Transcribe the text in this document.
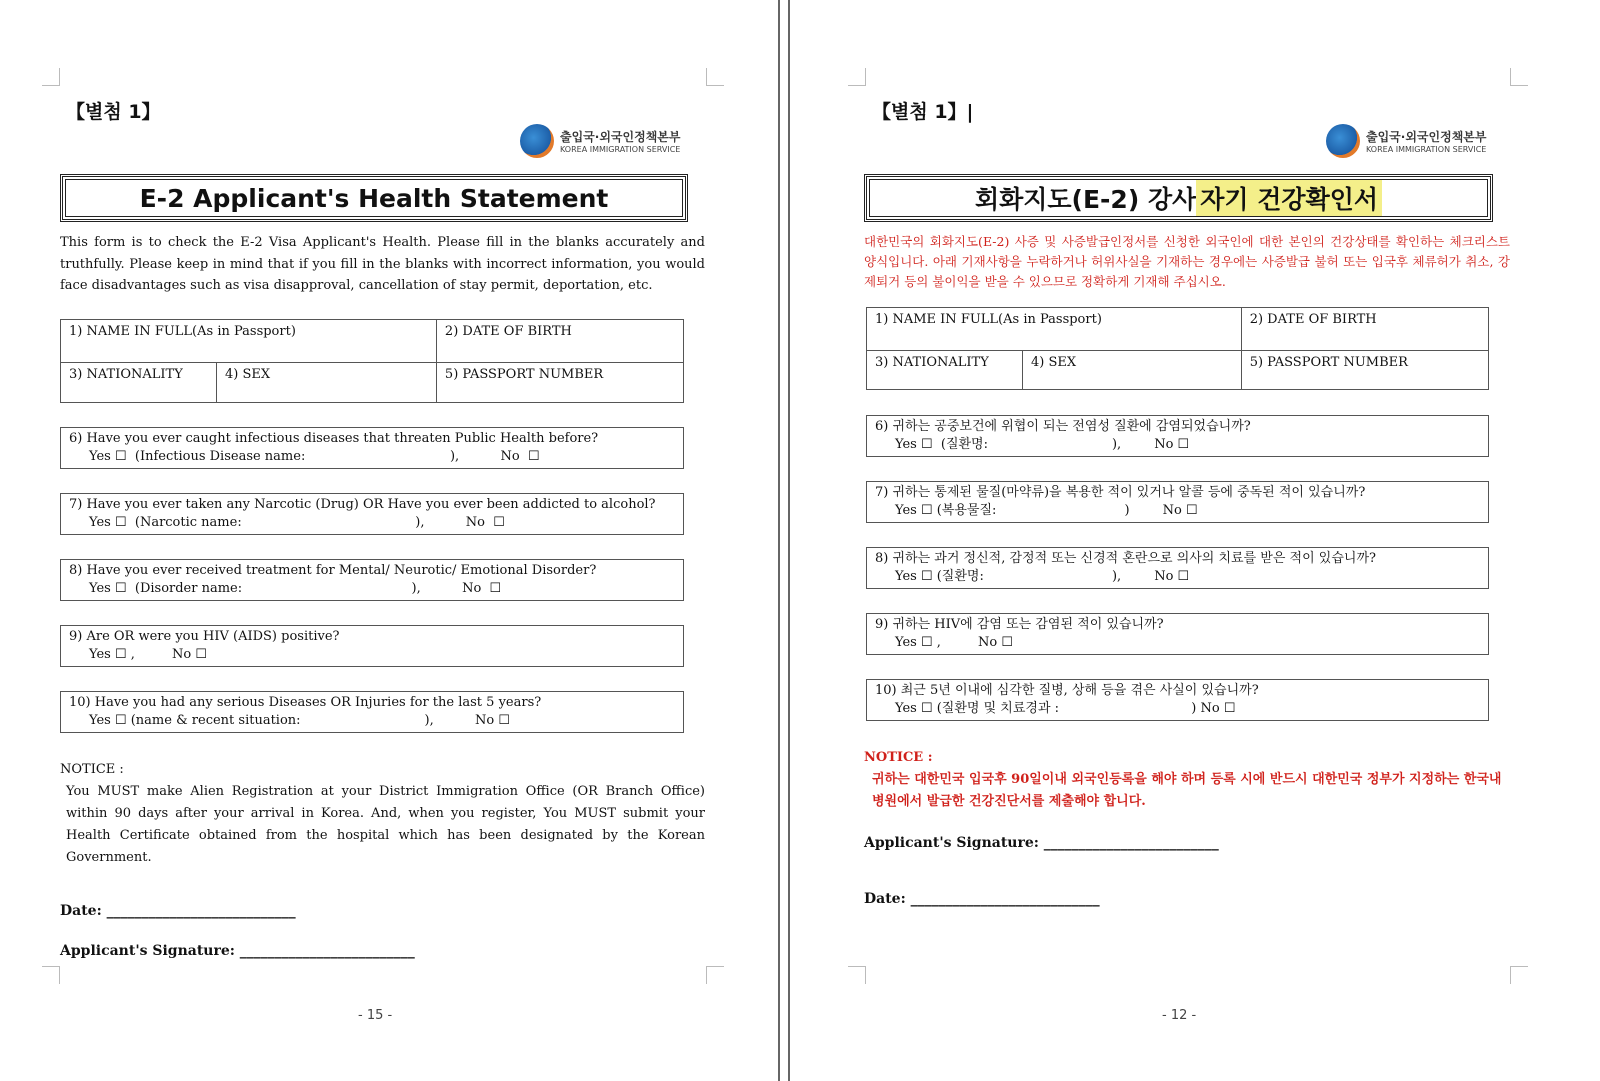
【별첨 1】
출입국·외국인정책본부
KOREA IMMIGRATION SERVICE
E-2 Applicant's Health Statement
This form is to check the E-2 Visa Applicant's Health. Please fill in the blanks accurately and truthfully. Please keep in mind that if you fill in the blanks with incorrect information, you would face disadvantages such as visa disapproval, cancellation of stay permit, deportation, etc.
1) NAME IN FULL(As in Passport)		2) DATE OF BIRTH
3) NATIONALITY	4) SEX	5) PASSPORT NUMBER
6) Have you ever caught infectious diseases that threaten Public Health before?
Yes ☐  (Infectious Disease name:                                   ),          No  ☐
7) Have you ever taken any Narcotic (Drug) OR Have you ever been addicted to alcohol?
Yes ☐  (Narcotic name:                                          ),          No  ☐
8) Have you ever received treatment for Mental/ Neurotic/ Emotional Disorder?
Yes ☐  (Disorder name:                                         ),          No  ☐
9) Are OR were you HIV (AIDS) positive?
Yes ☐ ,         No ☐
10) Have you had any serious Diseases OR Injuries for the last 5 years?
Yes ☐ (name & recent situation:                              ),          No ☐
NOTICE :
You MUST make Alien Registration at your District Immigration Office (OR Branch Office) within 90 days after your arrival in Korea. And, when you register, You MUST submit your Health Certificate obtained from the hospital which has been designated by the Korean Government.
Date: ___________________________
Applicant's Signature: _________________________
- 15 -
【별첨 1】|
출입국·외국인정책본부
KOREA IMMIGRATION SERVICE
회화지도(E-2) 강사 자기 건강확인서
대한민국의 회화지도(E-2) 사증 및 사증발급인정서를 신청한 외국인에 대한 본인의 건강상태를 확인하는 체크리스트 양식입니다. 아래 기재사항을 누락하거나 허위사실을 기재하는 경우에는 사증발급 불허 또는 입국후 체류허가 취소, 강제퇴거 등의 불이익을 받을 수 있으므로 정확하게 기재해 주십시오.
1) NAME IN FULL(As in Passport)		2) DATE OF BIRTH
3) NATIONALITY	4) SEX	5) PASSPORT NUMBER
6) 귀하는 공중보건에 위협이 되는 전염성 질환에 감염되었습니까?
Yes ☐  (질환명:                              ),        No ☐
7) 귀하는 통제된 물질(마약류)을 복용한 적이 있거나 알콜 등에 중독된 적이 있습니까?
Yes ☐ (복용물질:                               )        No ☐
8) 귀하는 과거 정신적, 감정적 또는 신경적 혼란으로 의사의 치료를 받은 적이 있습니까?
Yes ☐ (질환명:                               ),        No ☐
9) 귀하는 HIV에 감염 또는 감염된 적이 있습니까?
Yes ☐ ,         No ☐
10) 최근 5년 이내에 심각한 질병, 상해 등을 겪은 사실이 있습니까?
Yes ☐ (질환명 및 치료경과 :                                ) No ☐
NOTICE :
귀하는 대한민국 입국후 90일이내 외국인등록을 해야 하며 등록 시에 반드시 대한민국 정부가 지정하는 한국내 병원에서 발급한 건강진단서를 제출해야 합니다.
Applicant's Signature: _________________________
Date: ___________________________
- 12 -
